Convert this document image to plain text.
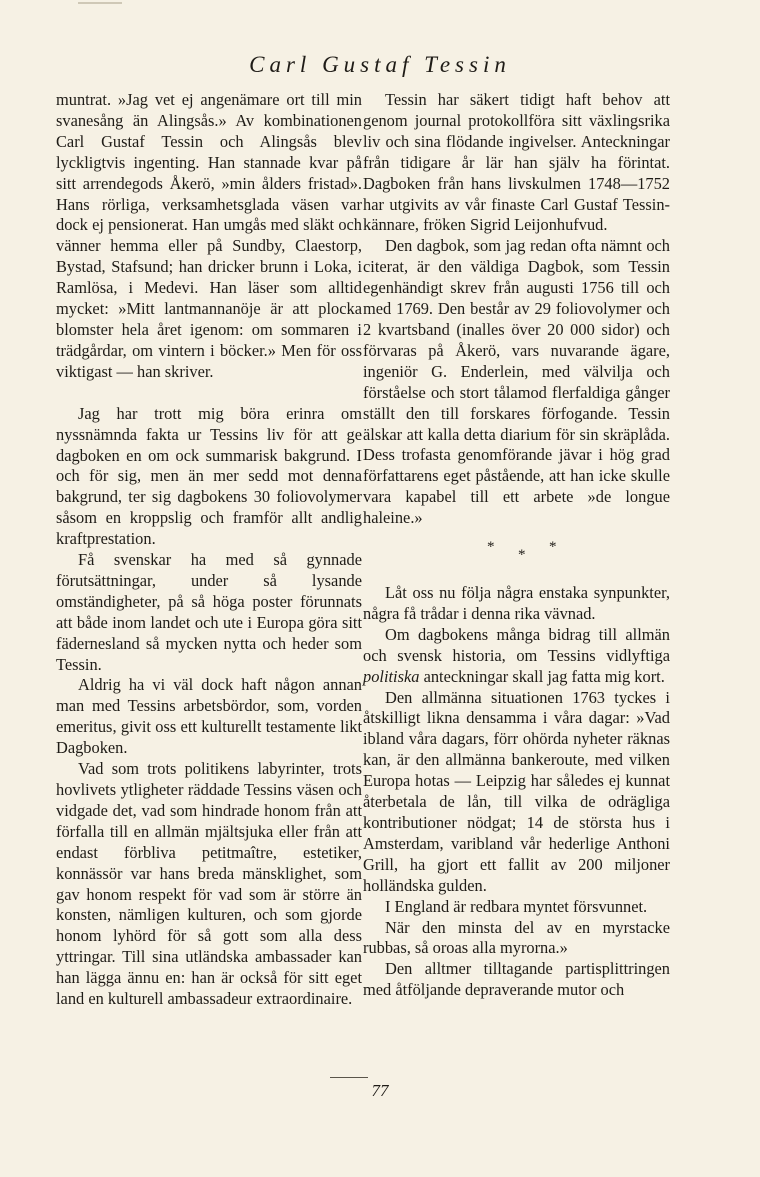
Carl Gustaf Tessin

muntrat. »Jag vet ej angenämare ort till min svanesång än Alingsås.» Av kombinationen Carl Gustaf Tessin och Alingsås blev lyckligtvis ingenting. Han stannade kvar på sitt arrendegods Åkerö, »min ålders fristad». Hans rörliga, verksamhetsglada väsen var dock ej pensionerat. Han umgås med släkt och vänner hemma eller på Sundby, Claestorp, Bystad, Stafsund; han dricker brunn i Loka, i Ramlösa, i Medevi. Han läser som alltid mycket: »Mitt lantmannanöje är att plocka blomster hela året igenom: om sommaren i trädgårdar, om vintern i böcker.» Men för oss viktigast — han skriver.

Jag har trott mig böra erinra om nyssnämnda fakta ur Tessins liv för att ge dagboken en om ock summarisk bakgrund. I och för sig, men än mer sedd mot denna bakgrund, ter sig dagbokens 30 foliovolymer såsom en kroppslig och framför allt andlig kraftprestation.

Få svenskar ha med så gynnade förutsättningar, under så lysande omständigheter, på så höga poster förunnats att både inom landet och ute i Europa göra sitt fädernesland så mycken nytta och heder som Tessin.

Aldrig ha vi väl dock haft någon annan man med Tessins arbetsbördor, som, vorden emeritus, givit oss ett kulturellt testamente likt Dagboken.

Vad som trots politikens labyrinter, trots hovlivets ytligheter räddade Tessins väsen och vidgade det, vad som hindrade honom från att förfalla till en allmän mjältsjuka eller från att endast förbliva petitmaître, estetiker, konnässör var hans breda mänsklighet, som gav honom respekt för vad som är större än konsten, nämligen kulturen, och som gjorde honom lyhörd för så gott som alla dess yttringar. Till sina utländska ambassader kan han lägga ännu en: han är också för sitt eget land en kulturell ambassadeur extraordinaire.

Tessin har säkert tidigt haft behov att genom journal protokollföra sitt växlingsrika liv och sina flödande ingivelser. Anteckningar från tidigare år lär han själv ha förintat. Dagboken från hans livskulmen 1748—1752 har utgivits av vår finaste Carl Gustaf Tessin-kännare, fröken Sigrid Leijonhufvud.

Den dagbok, som jag redan ofta nämnt och citerat, är den väldiga Dagbok, som Tessin egenhändigt skrev från augusti 1756 till och med 1769. Den består av 29 foliovolymer och 2 kvartsband (inalles över 20 000 sidor) och förvaras på Åkerö, vars nuvarande ägare, ingeniör G. Enderlein, med välvilja och förståelse och stort tålamod flerfaldiga gånger ställt den till forskares förfogande. Tessin älskar att kalla detta diarium för sin skräplåda. Dess trofasta genomförande jävar i hög grad författarens eget påstående, att han icke skulle vara kapabel till ett arbete »de longue haleine.»

* * *

Låt oss nu följa några enstaka synpunkter, några få trådar i denna rika vävnad.

Om dagbokens många bidrag till allmän och svensk historia, om Tessins vidlyftiga politiska anteckningar skall jag fatta mig kort.

Den allmänna situationen 1763 tyckes i åtskilligt likna densamma i våra dagar: »Vad ibland våra dagars, förr ohörda nyheter räknas kan, är den allmänna bankeroute, med vilken Europa hotas — Leipzig har således ej kunnat återbetala de lån, till vilka de odrägliga kontributioner nödgat; 14 de största hus i Amsterdam, varibland vår hederlige Anthoni Grill, ha gjort ett fallit av 200 miljoner holländska gulden.

I England är redbara myntet försvunnet.

När den minsta del av en myrstacke rubbas, så oroas alla myrorna.»

Den alltmer tilltagande partisplittringen med åtföljande depraverande mutor och

77
